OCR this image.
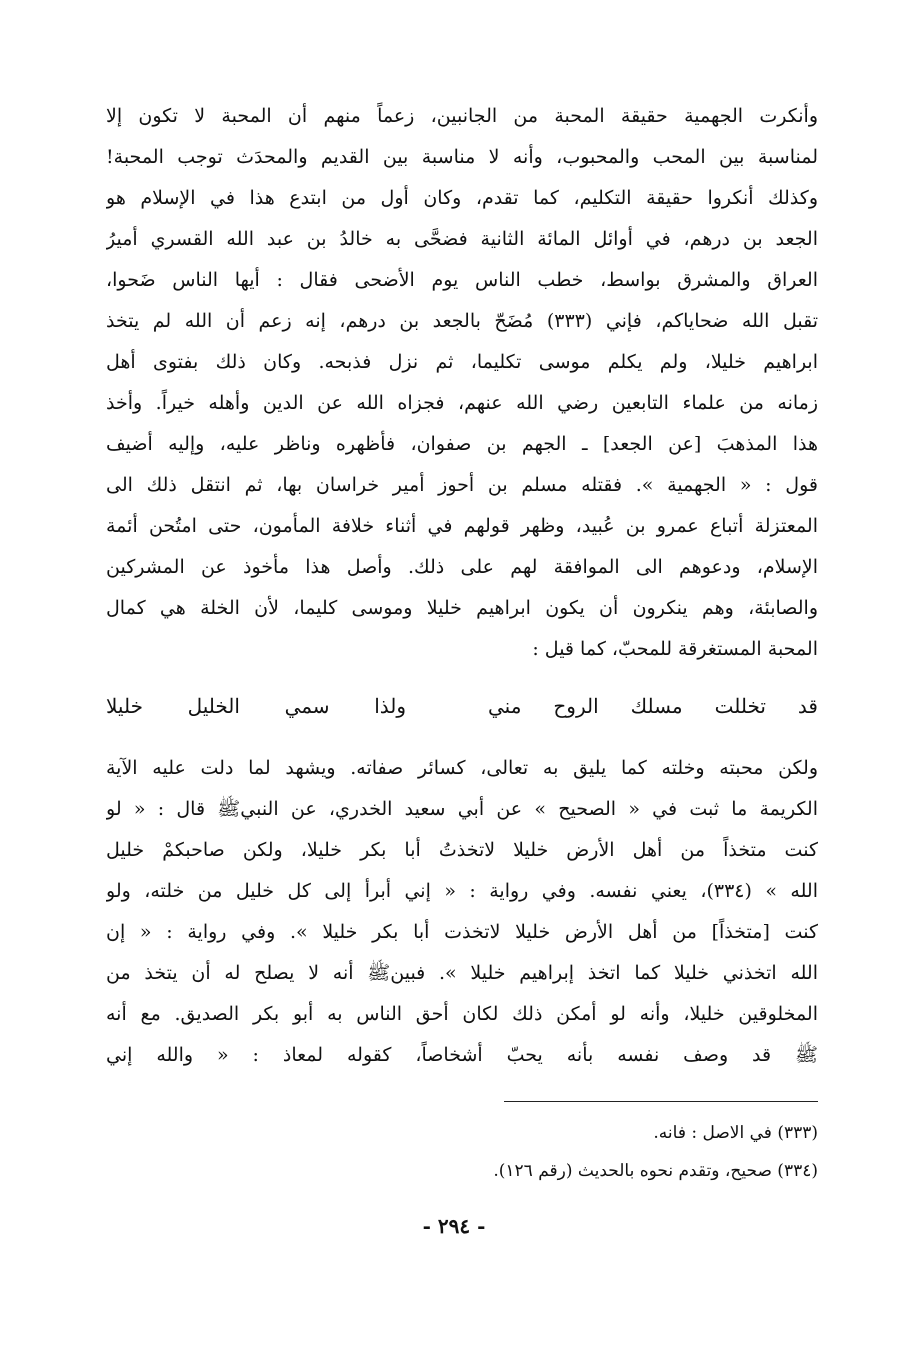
وأنكرت الجهمية حقيقة المحبة من الجانبين، زعماً منهم أن المحبة لا تكون إلا
لمناسبة بين المحب والمحبوب، وأنه لا مناسبة بين القديم والمحدَث توجب المحبة!
وكذلك أنكروا حقيقة التكليم، كما تقدم، وكان أول من ابتدع هذا في الإسلام هو
الجعد بن درهم، في أوائل المائة الثانية فضحَّى به خالدُ بن عبد الله القسري أميرُ
العراق والمشرق بواسط، خطب الناس يوم الأضحى فقال : أيها الناس ضَحوا،
تقبل الله ضحاياكم، فإني (٣٣٣) مُضَحّ بالجعد بن درهم، إنه زعم أن الله لم يتخذ
ابراهيم خليلا، ولم يكلم موسى تكليما، ثم نزل فذبحه. وكان ذلك بفتوى أهل
زمانه من علماء التابعين رضي الله عنهم، فجزاه الله عن الدين وأهله خيراً. وأخذ
هذا المذهبَ [عن الجعد] ـ الجهم بن صفوان، فأظهره وناظر عليه، وإليه أضيف
قول : « الجهمية ». فقتله مسلم بن أحوز أمير خراسان بها، ثم انتقل ذلك الى
المعتزلة أتباع عمرو بن عُبيد، وظهر قولهم في أثناء خلافة المأمون، حتى امتُحن أئمة
الإسلام، ودعوهم الى الموافقة لهم على ذلك. وأصل هذا مأخوذ عن المشركين
والصابئة، وهم ينكرون أن يكون ابراهيم خليلا وموسى كليما، لأن الخلة هي كمال
المحبة المستغرقة للمحبّ، كما قيل :
قد تخللت مسلك الروح مني
ولذا سمي الخليل خليلا
ولكن محبته وخلته كما يليق به تعالى، كسائر صفاته. ويشهد لما دلت عليه الآية
الكريمة ما ثبت في « الصحيح » عن أبي سعيد الخدري، عن النبيﷺ قال : « لو
كنت متخذاً من أهل الأرض خليلا لاتخذتُ أبا بكر خليلا، ولكن صاحبكمْ خليل
الله » (٣٣٤)، يعني نفسه. وفي رواية : « إني أبرأ إلى كل خليل من خلته، ولو
كنت [متخذاً] من أهل الأرض خليلا لاتخذت أبا بكر خليلا ». وفي رواية : « إن
الله اتخذني خليلا كما اتخذ إبراهيم خليلا ». فبينﷺ أنه لا يصلح له أن يتخذ من
المخلوقين خليلا، وأنه لو أمكن ذلك لكان أحق الناس به أبو بكر الصديق. مع أنه
ﷺ قد وصف نفسه بأنه يحبّ أشخاصاً، كقوله لمعاذ : « والله إني
(٣٣٣) في الاصل : فانه.
(٣٣٤) صحيح، وتقدم نحوه بالحديث (رقم ١٢٦).
- ٢٩٤ -
